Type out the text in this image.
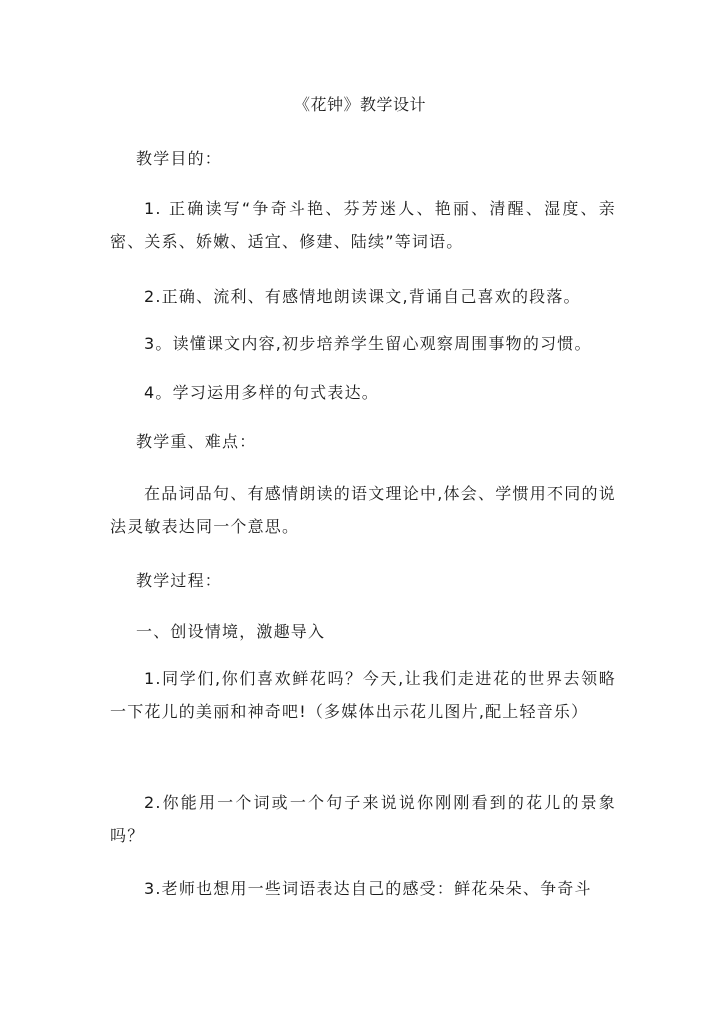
《花钟》教学设计

教学目的：

1. 正确读写“争奇斗艳、芬芳迷人、艳丽、清醒、湿度、亲密、关系、娇嫩、适宜、修建、陆续”等词语。

2.正确、流利、有感情地朗读课文,背诵自己喜欢的段落。

3。读懂课文内容,初步培养学生留心观察周围事物的习惯。

4。学习运用多样的句式表达。

教学重、难点：

在品词品句、有感情朗读的语文理论中,体会、学惯用不同的说法灵敏表达同一个意思。

教学过程：

一、创设情境，激趣导入

1.同学们,你们喜欢鲜花吗？今天,让我们走进花的世界去领略一下花儿的美丽和神奇吧!（多媒体出示花儿图片,配上轻音乐）

2.你能用一个词或一个句子来说说你刚刚看到的花儿的景象吗？

3.老师也想用一些词语表达自己的感受：鲜花朵朵、争奇斗
